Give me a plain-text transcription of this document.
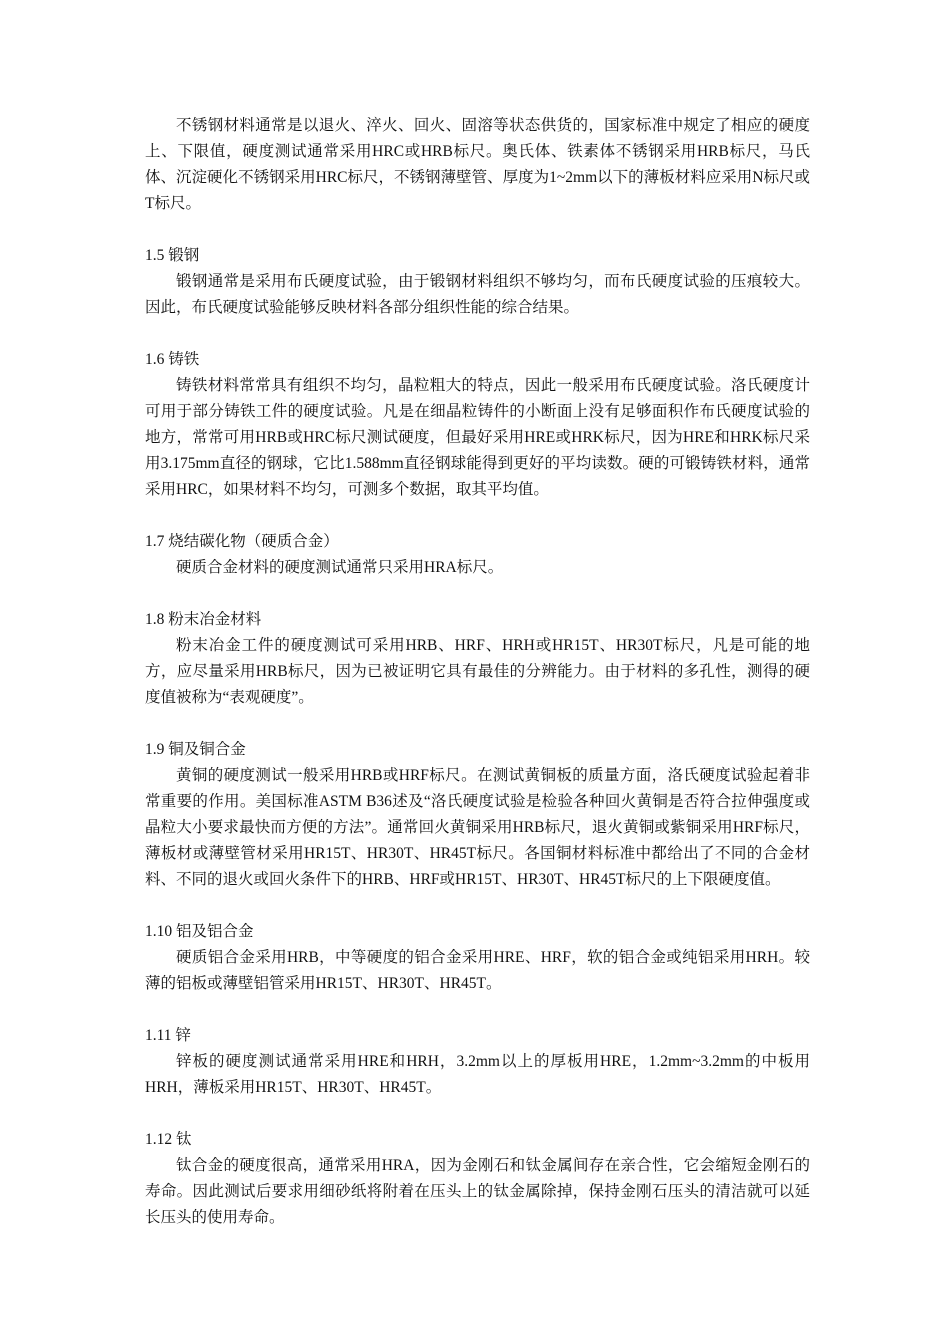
不锈钢材料通常是以退火、淬火、回火、固溶等状态供货的，国家标准中规定了相应的硬度上、下限值，硬度测试通常采用HRC或HRB标尺。奥氏体、铁素体不锈钢采用HRB标尺，马氏体、沉淀硬化不锈钢采用HRC标尺，不锈钢薄壁管、厚度为1~2mm以下的薄板材料应采用N标尺或T标尺。

1.5 锻钢

锻钢通常是采用布氏硬度试验，由于锻钢材料组织不够均匀，而布氏硬度试验的压痕较大。因此，布氏硬度试验能够反映材料各部分组织性能的综合结果。

1.6 铸铁

铸铁材料常常具有组织不均匀，晶粒粗大的特点，因此一般采用布氏硬度试验。洛氏硬度计可用于部分铸铁工件的硬度试验。凡是在细晶粒铸件的小断面上没有足够面积作布氏硬度试验的地方，常常可用HRB或HRC标尺测试硬度，但最好采用HRE或HRK标尺，因为HRE和HRK标尺采用3.175mm直径的钢球，它比1.588mm直径钢球能得到更好的平均读数。硬的可锻铸铁材料，通常采用HRC，如果材料不均匀，可测多个数据，取其平均值。

1.7 烧结碳化物（硬质合金）

硬质合金材料的硬度测试通常只采用HRA标尺。

1.8 粉末冶金材料

粉末冶金工件的硬度测试可采用HRB、HRF、HRH或HR15T、HR30T标尺，凡是可能的地方，应尽量采用HRB标尺，因为已被证明它具有最佳的分辨能力。由于材料的多孔性，测得的硬度值被称为“表观硬度”。

1.9 铜及铜合金

黄铜的硬度测试一般采用HRB或HRF标尺。在测试黄铜板的质量方面，洛氏硬度试验起着非常重要的作用。美国标准ASTM B36述及“洛氏硬度试验是检验各种回火黄铜是否符合拉伸强度或晶粒大小要求最快而方便的方法”。通常回火黄铜采用HRB标尺，退火黄铜或紫铜采用HRF标尺，薄板材或薄壁管材采用HR15T、HR30T、HR45T标尺。各国铜材料标准中都给出了不同的合金材料、不同的退火或回火条件下的HRB、HRF或HR15T、HR30T、HR45T标尺的上下限硬度值。

1.10 铝及铝合金

硬质铝合金采用HRB，中等硬度的铝合金采用HRE、HRF，软的铝合金或纯铝采用HRH。较薄的铝板或薄壁铝管采用HR15T、HR30T、HR45T。

1.11 锌

锌板的硬度测试通常采用HRE和HRH，3.2mm以上的厚板用HRE，1.2mm~3.2mm的中板用HRH，薄板采用HR15T、HR30T、HR45T。

1.12 钛

钛合金的硬度很高，通常采用HRA，因为金刚石和钛金属间存在亲合性，它会缩短金刚石的寿命。因此测试后要求用细砂纸将附着在压头上的钛金属除掉，保持金刚石压头的清洁就可以延长压头的使用寿命。
